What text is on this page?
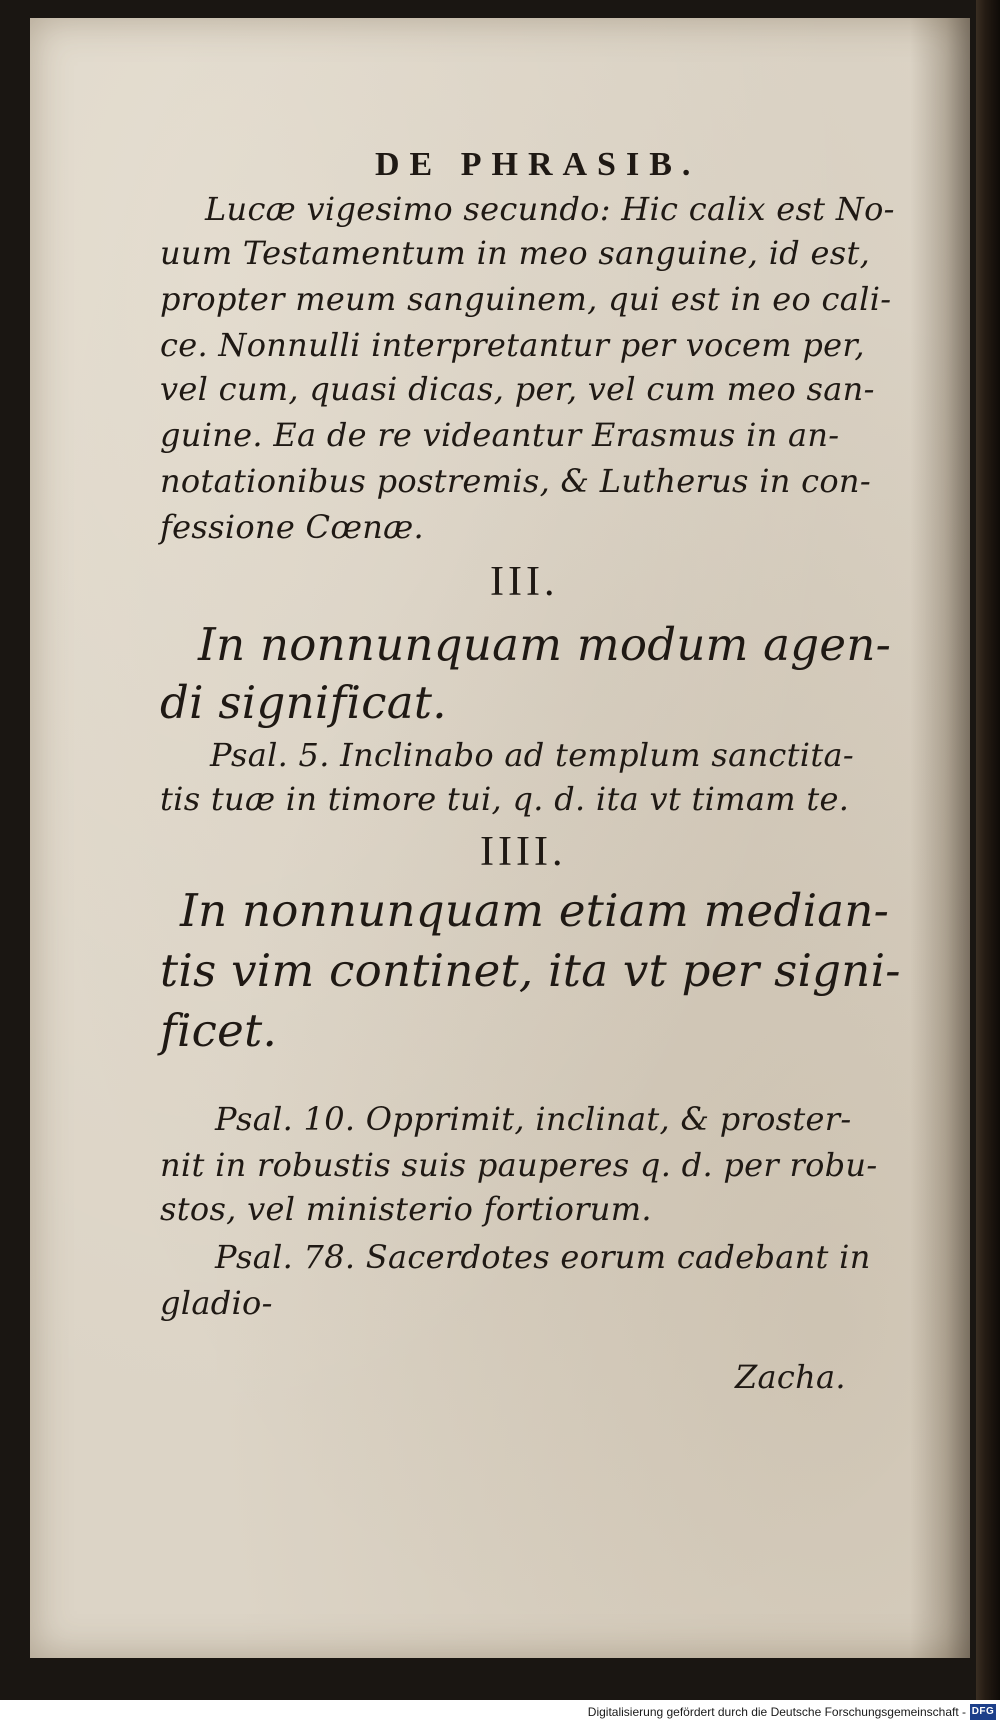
DE PHRASIB.
Lucæ vigesimo secundo: Hic calix est No-
uum Testamentum in meo sanguine, id est,
propter meum sanguinem, qui est in eo cali-
ce. Nonnulli interpretantur per vocem per,
vel cum, quasi dicas, per, vel cum meo san-
guine. Ea de re videantur Erasmus in an-
notationibus postremis, & Lutherus in con-
fessione Cœnæ.
III.
In nonnunquam modum agen-
di significat.
Psal. 5. Inclinabo ad templum sanctita-
tis tuæ in timore tui, q. d. ita vt timam te.
IIII.
In nonnunquam etiam median-
tis vim continet, ita vt per signi-
ficet.
Psal. 10. Opprimit, inclinat, & proster-
nit in robustis suis pauperes q. d. per robu-
stos, vel ministerio fortiorum.
Psal. 78. Sacerdotes eorum cadebant in
gladio-
Zacha.
Digitalisierung gefördert durch die Deutsche Forschungsgemeinschaft - DFG
